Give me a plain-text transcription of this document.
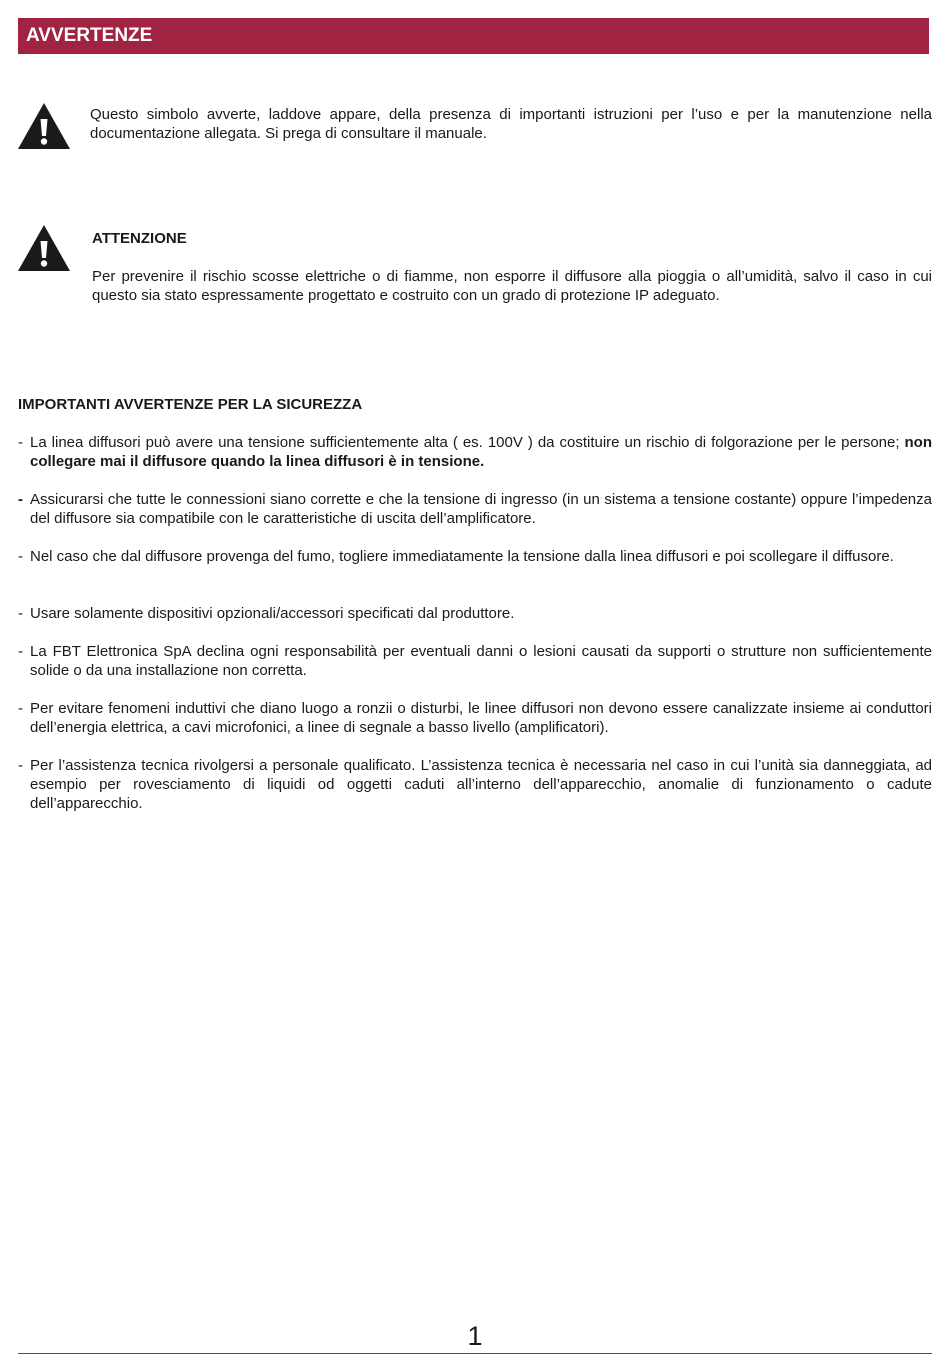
AVVERTENZE
Questo simbolo avverte, laddove appare, della presenza di importanti istruzioni per l’uso e per la manutenzione nella documentazione allegata. Si prega di consultare il manuale.
ATTENZIONE
Per prevenire il rischio scosse elettriche o di fiamme, non esporre il diffusore alla pioggia o all’umidità, salvo il caso in cui questo sia stato espressamente progettato e costruito con un grado di protezione IP adeguato.
IMPORTANTI AVVERTENZE PER LA SICUREZZA
- La linea diffusori può avere una tensione sufficientemente alta ( es. 100V ) da costituire un rischio di folgorazione per le persone; non collegare mai il diffusore quando la linea diffusori è in tensione.
- Assicurarsi che tutte le connessioni siano corrette e che la tensione di ingresso (in un sistema a tensione costante) oppure l’impedenza del diffusore sia compatibile con le caratteristiche di uscita dell’amplificatore.
- Nel caso che dal diffusore provenga del fumo, togliere immediatamente la tensione dalla linea diffusori e poi scollegare il diffusore.
- Usare solamente dispositivi opzionali/accessori specificati dal produttore.
- La FBT Elettronica SpA declina ogni responsabilità per eventuali danni o lesioni causati da supporti o strutture non sufficientemente solide o da una installazione non corretta.
- Per evitare fenomeni induttivi che diano luogo a ronzii o disturbi, le linee diffusori non devono essere canalizzate insieme ai conduttori dell’energia elettrica, a cavi microfonici, a linee di segnale a basso livello (amplificatori).
- Per l’assistenza tecnica rivolgersi a personale qualificato. L’assistenza tecnica è necessaria nel caso in cui l’unità sia danneggiata, ad esempio per rovesciamento di liquidi od oggetti caduti all’interno dell’apparecchio, anomalie di funzionamento o cadute dell’apparecchio.
1
